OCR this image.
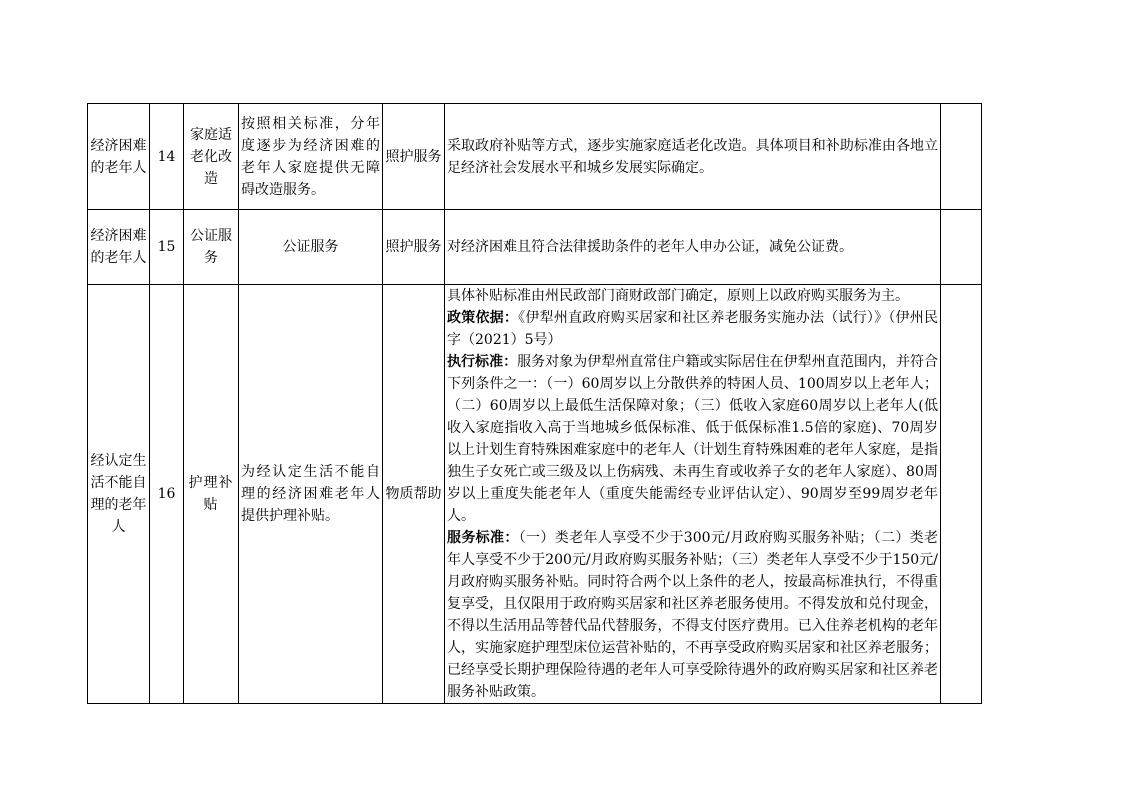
经济困难的老年人	14	家庭适老化改造	按照相关标准，分年度逐步为经济困难的老年人家庭提供无障碍改造服务。	照护服务	采取政府补贴等方式，逐步实施家庭适老化改造。具体项目和补助标准由各地立足经济社会发展水平和城乡发展实际确定。	
经济困难的老年人	15	公证服务	公证服务	照护服务	对经济困难且符合法律援助条件的老年人申办公证，减免公证费。	
经认定生活不能自理的老年人	16	护理补贴	为经认定生活不能自理的经济困难老年人提供护理补贴。	物质帮助	具体补贴标准由州民政部门商财政部门确定，原则上以政府购买服务为主。
政策依据：《伊犁州直政府购买居家和社区养老服务实施办法（试行）》（伊州民字（2021）5号）
执行标准：服务对象为伊犁州直常住户籍或实际居住在伊犁州直范围内，并符合下列条件之一：（一）60周岁以上分散供养的特困人员、100周岁以上老年人；（二）60周岁以上最低生活保障对象；（三）低收入家庭60周岁以上老年人(低收入家庭指收入高于当地城乡低保标准、低于低保标准1.5倍的家庭)、70周岁以上计划生育特殊困难家庭中的老年人（计划生育特殊困难的老年人家庭，是指独生子女死亡或三级及以上伤病残、未再生育或收养子女的老年人家庭）、80周岁以上重度失能老年人（重度失能需经专业评估认定）、90周岁至99周岁老年人。
服务标准：（一）类老年人享受不少于300元/月政府购买服务补贴；（二）类老年人享受不少于200元/月政府购买服务补贴；（三）类老年人享受不少于150元/月政府购买服务补贴。同时符合两个以上条件的老人，按最高标准执行，不得重复享受，且仅限用于政府购买居家和社区养老服务使用。不得发放和兑付现金，不得以生活用品等替代品代替服务，不得支付医疗费用。已入住养老机构的老年人，实施家庭护理型床位运营补贴的，不再享受政府购买居家和社区养老服务；已经享受长期护理保险待遇的老年人可享受除待遇外的政府购买居家和社区养老服务补贴政策。	
